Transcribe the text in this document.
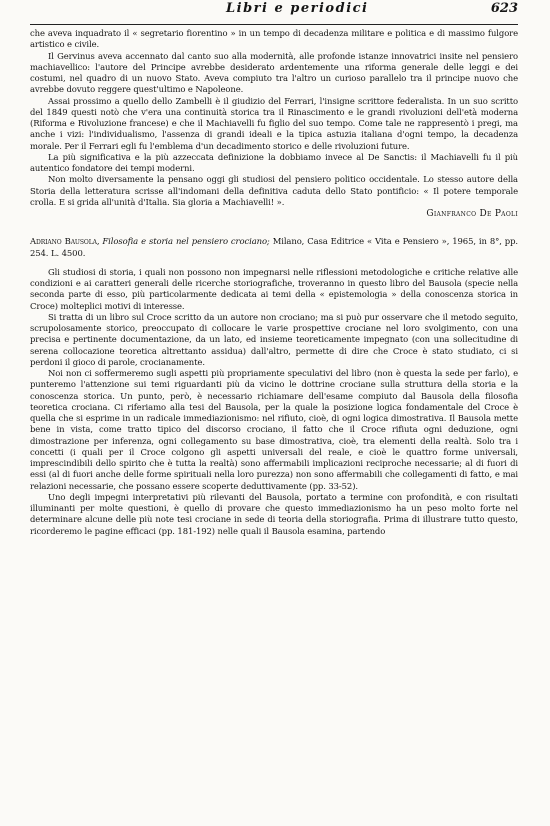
Libri e periodici	623

che aveva inquadrato il « segretario fiorentino » in un tempo di decadenza militare e politica e di massimo fulgore artistico e civile.

Il Gervinus aveva accennato dal canto suo alla modernità, alle profonde istanze innovatrici insite nel pensiero machiavellico: l'autore del Principe avrebbe desiderato ardentemente una riforma generale delle leggi e dei costumi, nel quadro di un nuovo Stato. Aveva compiuto tra l'altro un curioso parallelo tra il principe nuovo che avrebbe dovuto reggere quest'ultimo e Napoleone.

Assai prossimo a quello dello Zambelli è il giudizio del Ferrari, l'insigne scrittore federalista. In un suo scritto del 1849 questi notò che v'era una continuità storica tra il Rinascimento e le grandi rivoluzioni dell'età moderna (Riforma e Rivoluzione francese) e che il Machiavelli fu figlio del suo tempo. Come tale ne rappresentò i pregi, ma anche i vizi: l'individualismo, l'assenza di grandi ideali e la tipica astuzia italiana d'ogni tempo, la decadenza morale. Per il Ferrari egli fu l'emblema d'un decadimento storico e delle rivoluzioni future.

La più significativa e la più azzeccata definizione la dobbiamo invece al De Sanctis: il Machiavelli fu il più autentico fondatore dei tempi moderni.

Non molto diversamente la pensano oggi gli studiosi del pensiero politico occidentale. Lo stesso autore della Storia della letteratura scrisse all'indomani della definitiva caduta dello Stato pontificio: « Il potere temporale crolla. E si grida all'unità d'Italia. Sia gloria a Machiavelli! ».

Gianfranco De Paoli

Adriano Bausola, Filosofia e storia nel pensiero crociano; Milano, Casa Editrice « Vita e Pensiero », 1965, in 8°, pp. 254. L. 4500.

Gli studiosi di storia, i quali non possono non impegnarsi nelle riflessioni metodologiche e critiche relative alle condizioni e ai caratteri generali delle ricerche storiografiche, troveranno in questo libro del Bausola (specie nella seconda parte di esso, più particolarmente dedicata ai temi della « epistemologia » della conoscenza storica in Croce) molteplici motivi di interesse.

Si tratta di un libro sul Croce scritto da un autore non crociano; ma si può pur osservare che il metodo seguito, scrupolosamente storico, preoccupato di collocare le varie prospettive crociane nel loro svolgimento, con una precisa e pertinente documentazione, da un lato, ed insieme teoreticamente impegnato (con una sollecitudine di serena collocazione teoretica altrettanto assidua) dall'altro, permette di dire che Croce è stato studiato, ci si perdoni il gioco di parole, crocianamente.

Noi non ci soffermeremo sugli aspetti più propriamente speculativi del libro (non è questa la sede per farlo), e punteremo l'attenzione sui temi riguardanti più da vicino le dottrine crociane sulla struttura della storia e la conoscenza storica. Un punto, però, è necessario richiamare dell'esame compiuto dal Bausola della filosofia teoretica crociana. Ci riferiamo alla tesi del Bausola, per la quale la posizione logica fondamentale del Croce è quella che si esprime in un radicale immediazionismo: nel rifiuto, cioè, di ogni logica dimostrativa. Il Bausola mette bene in vista, come tratto tipico del discorso crociano, il fatto che il Croce rifiuta ogni deduzione, ogni dimostrazione per inferenza, ogni collegamento su base dimostrativa, cioè, tra elementi della realtà. Solo tra i concetti (i quali per il Croce colgono gli aspetti universali del reale, e cioè le quattro forme universali, imprescindibili dello spirito che è tutta la realtà) sono affermabili implicazioni reciproche necessarie; al di fuori di essi (al di fuori anche delle forme spirituali nella loro purezza) non sono affermabili che collegamenti di fatto, e mai relazioni necessarie, che possano essere scoperte deduttivamente (pp. 33-52).

Uno degli impegni interpretativi più rilevanti del Bausola, portato a termine con profondità, e con risultati illuminanti per molte questioni, è quello di provare che questo immediazionismo ha un peso molto forte nel determinare alcune delle più note tesi crociane in sede di teoria della storiografia. Prima di illustrare tutto questo, ricorderemo le pagine efficaci (pp. 181-192) nelle quali il Bausola esamina, partendo
